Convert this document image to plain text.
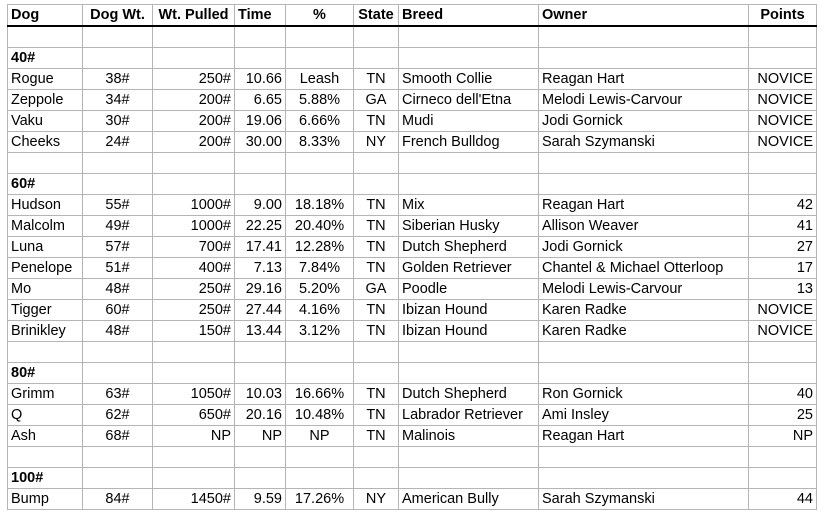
Dog	Dog Wt.	Wt. Pulled	Time	%	State	Breed	Owner	Points

40#								
Rogue	38#	250#	10.66	Leash	TN	Smooth Collie	Reagan Hart	NOVICE
Zeppole	34#	200#	6.65	5.88%	GA	Cirneco dell'Etna	Melodi Lewis-Carvour	NOVICE
Vaku	30#	200#	19.06	6.66%	TN	Mudi	Jodi Gornick	NOVICE
Cheeks	24#	200#	30.00	8.33%	NY	French Bulldog	Sarah Szymanski	NOVICE

60#								
Hudson	55#	1000#	9.00	18.18%	TN	Mix	Reagan Hart	42
Malcolm	49#	1000#	22.25	20.40%	TN	Siberian Husky	Allison Weaver	41
Luna	57#	700#	17.41	12.28%	TN	Dutch Shepherd	Jodi Gornick	27
Penelope	51#	400#	7.13	7.84%	TN	Golden Retriever	Chantel & Michael Otterloop	17
Mo	48#	250#	29.16	5.20%	GA	Poodle	Melodi Lewis-Carvour	13
Tigger	60#	250#	27.44	4.16%	TN	Ibizan Hound	Karen Radke	NOVICE
Brinikley	48#	150#	13.44	3.12%	TN	Ibizan Hound	Karen Radke	NOVICE

80#								
Grimm	63#	1050#	10.03	16.66%	TN	Dutch Shepherd	Ron Gornick	40
Q	62#	650#	20.16	10.48%	TN	Labrador Retriever	Ami Insley	25
Ash	68#	NP	NP	NP	TN	Malinois	Reagan Hart	NP

100#								
Bump	84#	1450#	9.59	17.26%	NY	American Bully	Sarah Szymanski	44
